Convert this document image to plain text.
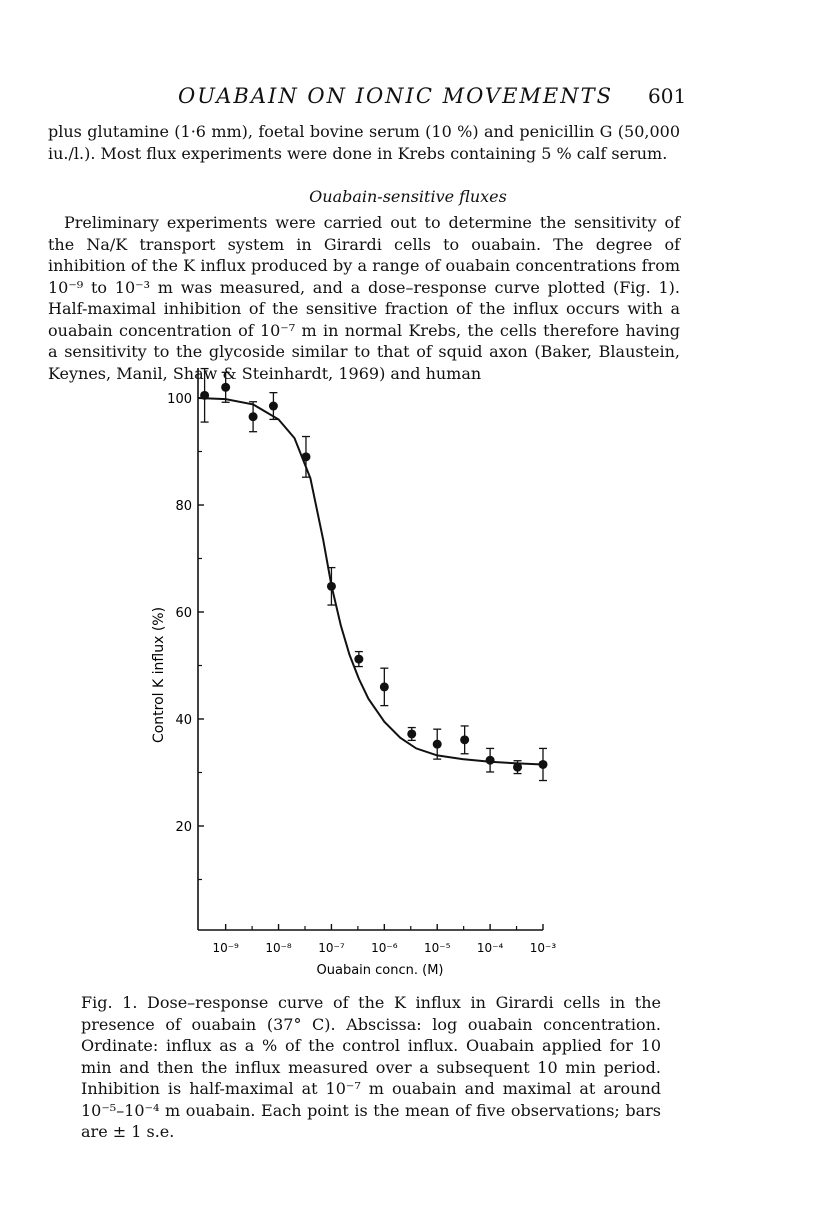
OUABAIN ON IONIC MOVEMENTS 601

plus glutamine (1·6 mm), foetal bovine serum (10 %) and penicillin G (50,000 iu./l.). Most flux experiments were done in Krebs containing 5 % calf serum.

Ouabain-sensitive fluxes

Preliminary experiments were carried out to determine the sensitivity of the Na/K transport system in Girardi cells to ouabain. The degree of inhibition of the K influx produced by a range of ouabain concentrations from 10⁻⁹ to 10⁻³ m was measured, and a dose–response curve plotted (Fig. 1). Half-maximal inhibition of the sensitive fraction of the influx occurs with a ouabain concentration of 10⁻⁷ m in normal Krebs, the cells therefore having a sensitivity to the glycoside similar to that of squid axon (Baker, Blaustein, Keynes, Manil, Shaw & Steinhardt, 1969) and human

20
40
60
80
100
10⁻⁹ 10⁻⁸ 10⁻⁷ 10⁻⁶ 10⁻⁵ 10⁻⁴ 10⁻³
Ouabain concn. (M)
Control K influx (%)

Fig. 1. Dose–response curve of the K influx in Girardi cells in the presence of ouabain (37° C). Abscissa: log ouabain concentration. Ordinate: influx as a % of the control influx. Ouabain applied for 10 min and then the influx measured over a subsequent 10 min period. Inhibition is half-maximal at 10⁻⁷ m ouabain and maximal at around 10⁻⁵–10⁻⁴ m ouabain. Each point is the mean of five observations; bars are ± 1 s.e.
